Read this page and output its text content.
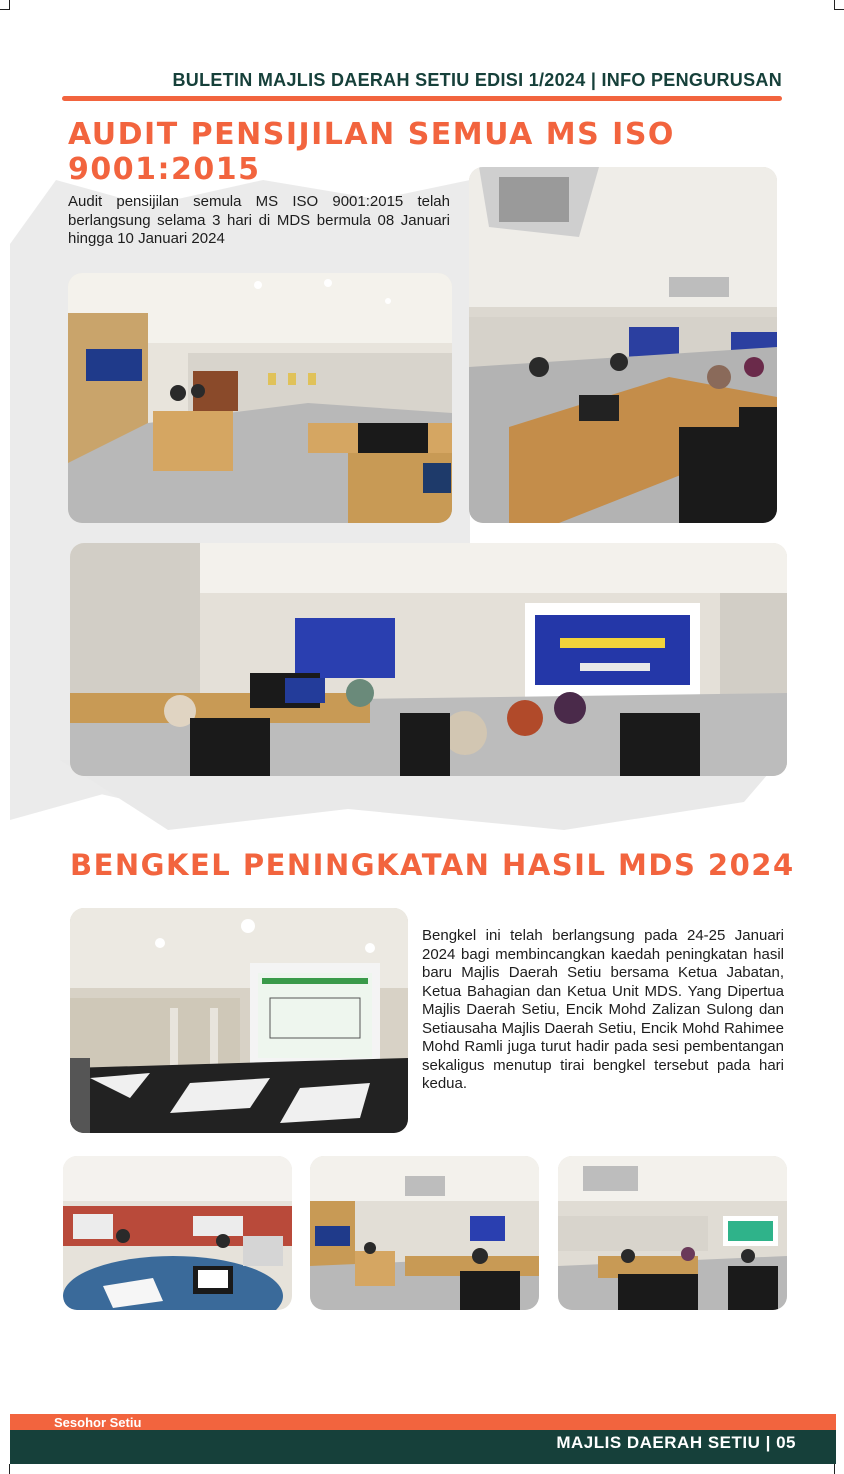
BULETIN MAJLIS DAERAH SETIU EDISI 1/2024 | INFO PENGURUSAN
AUDIT PENSIJILAN SEMUA MS ISO 9001:2015
Audit pensijilan semula MS ISO 9001:2015 telah berlangsung selama 3 hari di MDS bermula 08 Januari hingga 10 Januari 2024
BENGKEL PENINGKATAN HASIL MDS 2024
Bengkel ini telah berlangsung pada 24-25 Januari 2024 bagi membincangkan kaedah peningkatan hasil baru Majlis Daerah Setiu bersama Ketua Jabatan, Ketua Bahagian dan Ketua Unit MDS. Yang Dipertua Majlis Daerah Setiu, Encik Mohd Zalizan Sulong dan Setiausaha Majlis Daerah Setiu, Encik Mohd Rahimee Mohd Ramli juga turut hadir pada sesi pembentangan sekaligus menutup tirai bengkel tersebut pada hari kedua.
Sesohor Setiu
MAJLIS DAERAH SETIU | 05
